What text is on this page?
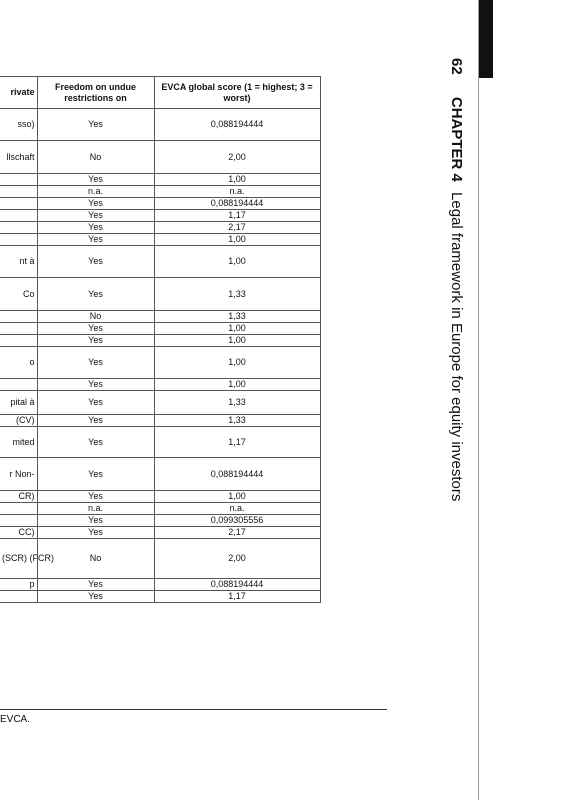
62 CHAPTER 4 Legal framework in Europe for equity investors
rivate	Freedom on undue restrictions on	EVCA global score (1 = highest; 3 = worst)
sso)	Yes	0,088194444
llschaft	No	2,00
	Yes	1,00
	n.a.	n.a.
	Yes	0,088194444
	Yes	1,17
	Yes	2,17
	Yes	1,00
nt à	Yes	1,00
Co	Yes	1,33
	No	1,33
	Yes	1,00
	Yes	1,00
o	Yes	1,00
	Yes	1,00
pital à	Yes	1,33
(CV)	Yes	1,33
mited	Yes	1,17
r Non-	Yes	0,088194444
CR)	Yes	1,00
	n.a.	n.a.
	Yes	0,099305556
CC)	Yes	2,17
(SCR) (FCR)	No	2,00
p	Yes	0,088194444
	Yes	1,17
EVCA.
